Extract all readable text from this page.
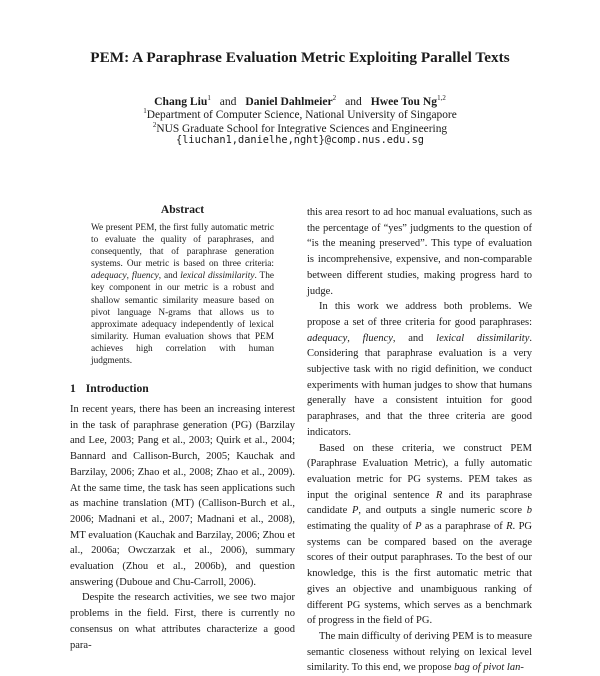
PEM: A Paraphrase Evaluation Metric Exploiting Parallel Texts
Chang Liu$^1$ and Daniel Dahlmeier$^2$ and Hwee Tou Ng$^{1,2}$
$^1$Department of Computer Science, National University of Singapore
$^2$NUS Graduate School for Integrative Sciences and Engineering
{liuchan1,danielhe,nght}@comp.nus.edu.sg
Abstract
We present PEM, the first fully automatic metric to evaluate the quality of paraphrases, and consequently, that of paraphrase generation systems. Our metric is based on three criteria: adequacy, fluency, and lexical dissimilarity. The key component in our metric is a robust and shallow semantic similarity measure based on pivot language N-grams that allows us to approximate adequacy independently of lexical similarity. Human evaluation shows that PEM achieves high correlation with human judgments.
1 Introduction

In recent years, there has been an increasing interest in the task of paraphrase generation (PG) (Barzilay and Lee, 2003; Pang et al., 2003; Quirk et al., 2004; Bannard and Callison-Burch, 2005; Kauchak and Barzilay, 2006; Zhao et al., 2008; Zhao et al., 2009). At the same time, the task has seen applications such as machine translation (MT) (Callison-Burch et al., 2006; Madnani et al., 2007; Madnani et al., 2008), MT evaluation (Kauchak and Barzilay, 2006; Zhou et al., 2006a; Owczarzak et al., 2006), summary evaluation (Zhou et al., 2006b), and question answering (Duboue and Chu-Carroll, 2006).

Despite the research activities, we see two major problems in the field. First, there is currently no consensus on what attributes characterize a good para-

this area resort to ad hoc manual evaluations, such as the percentage of “yes” judgments to the question of “is the meaning preserved”. This type of evaluation is incomprehensive, expensive, and non-comparable between different studies, making progress hard to judge.

In this work we address both problems. We propose a set of three criteria for good paraphrases: adequacy, fluency, and lexical dissimilarity. Considering that paraphrase evaluation is a very subjective task with no rigid definition, we conduct experiments with human judges to show that humans generally have a consistent intuition for good paraphrases, and that the three criteria are good indicators.

Based on these criteria, we construct PEM (Paraphrase Evaluation Metric), a fully automatic evaluation metric for PG systems. PEM takes as input the original sentence R and its paraphrase candidate P, and outputs a single numeric score b estimating the quality of P as a paraphrase of R. PG systems can be compared based on the average scores of their output paraphrases. To the best of our knowledge, this is the first automatic metric that gives an objective and unambiguous ranking of different PG systems, which serves as a benchmark of progress in the field of PG.

The main difficulty of deriving PEM is to measure semantic closeness without relying on lexical level similarity. To this end, we propose bag of pivot lan-
